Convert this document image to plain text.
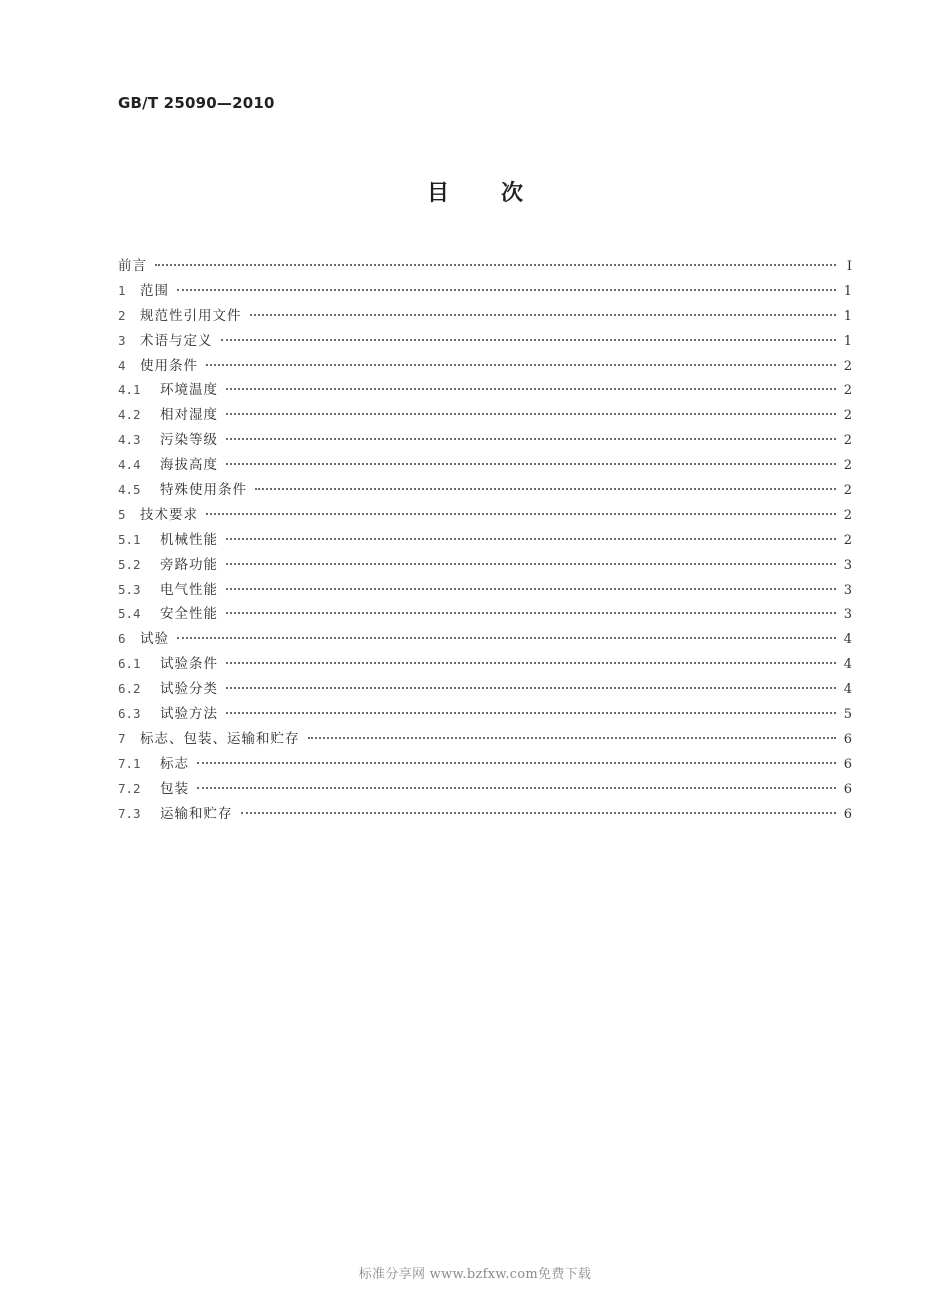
GB/T 25090—2010
目次
前言	I
1	范围	1
2	规范性引用文件	1
3	术语与定义	1
4	使用条件	2
4.1	环境温度	2
4.2	相对湿度	2
4.3	污染等级	2
4.4	海拔高度	2
4.5	特殊使用条件	2
5	技术要求	2
5.1	机械性能	2
5.2	旁路功能	3
5.3	电气性能	3
5.4	安全性能	3
6	试验	4
6.1	试验条件	4
6.2	试验分类	4
6.3	试验方法	5
7	标志、包装、运输和贮存	6
7.1	标志	6
7.2	包装	6
7.3	运输和贮存	6
标准分享网 www.bzfxw.com免费下载
